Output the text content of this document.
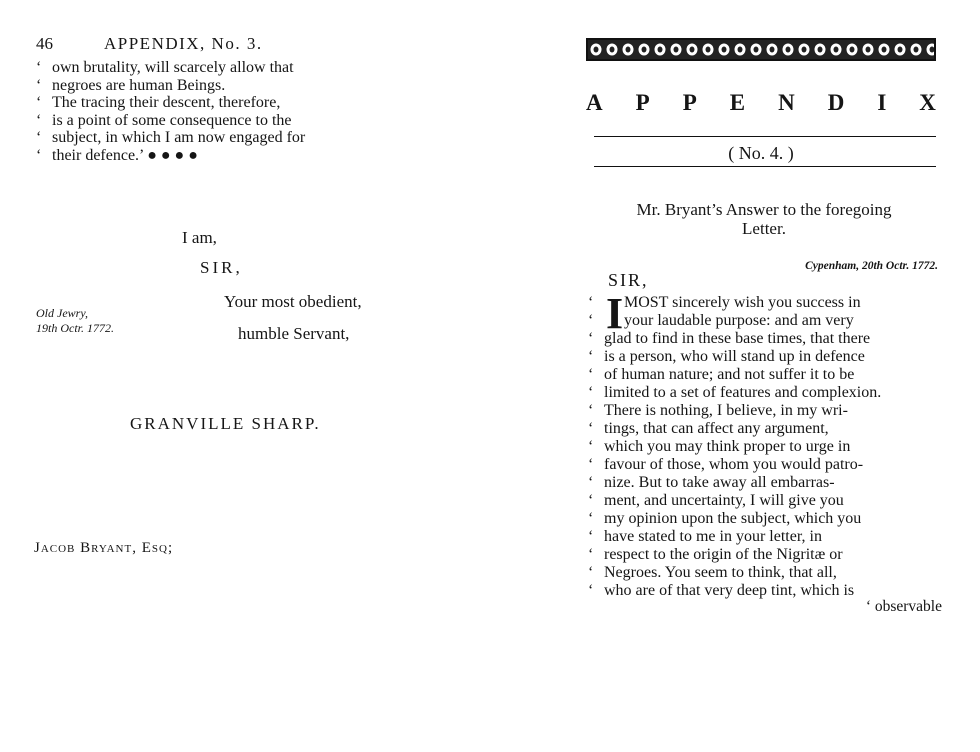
46	APPENDIX, No. 3.
‘ own brutality, will scarcely allow that
‘ negroes are human Beings.
‘ The tracing their descent, therefore,
‘ is a point of some consequence to the
‘ subject, in which I am now engaged for
‘ their defence.’ ● ● ● ●
I am,
SIR,
Your most obedient,
Old Jewry,
19th Octr. 1772.	humble Servant,
GRANVILLE SHARP.
Jacob Bryant, Esq;
A P P E N D I X
( No. 4. )
Mr. Bryant’s Answer to the foregoing
Letter.
Cypenham, 20th Octr. 1772.
SIR,
I
‘	MOST sincerely wish you success in
‘	your laudable purpose: and am very
‘ glad to find in these base times, that there
‘ is a person, who will stand up in defence
‘ of human nature; and not suffer it to be
‘ limited to a set of features and complexion.
‘ There is nothing, I believe, in my wri-
‘ tings, that can affect any argument,
‘ which you may think proper to urge in
‘ favour of those, whom you would patro-
‘ nize. But to take away all embarras-
‘ ment, and uncertainty, I will give you
‘ my opinion upon the subject, which you
‘ have stated to me in your letter, in
‘ respect to the origin of the Nigritæ or
‘ Negroes. You seem to think, that all,
‘ who are of that very deep tint, which is
‘ observable
